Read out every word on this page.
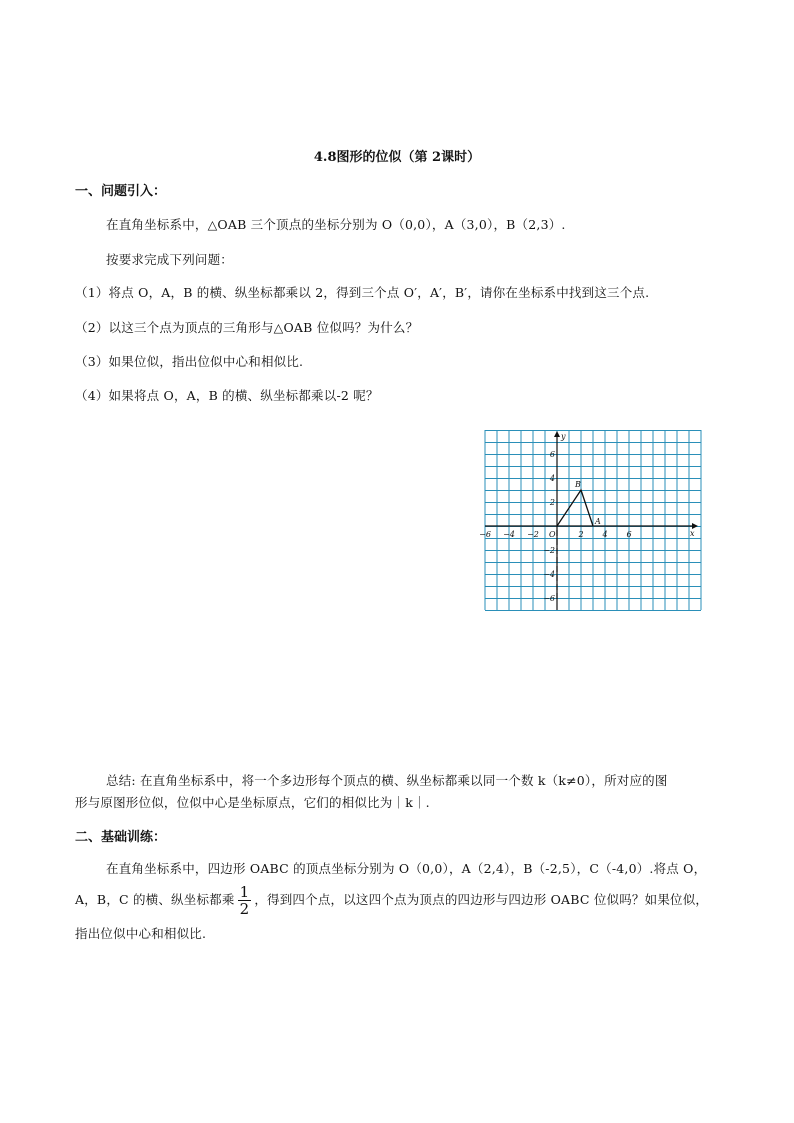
4.8图形的位似（第 2课时）
一、问题引入：
在直角坐标系中，△OAB 三个顶点的坐标分别为 O（0,0），A（3,0），B（2,3）.
按要求完成下列问题：
（1）将点 O，A，B 的横、纵坐标都乘以 2，得到三个点 O′，A′，B′，请你在坐标系中找到这三个点.
（2）以这三个点为顶点的三角形与△OAB 位似吗？为什么？
（3）如果位似，指出位似中心和相似比.
（4）如果将点 O，A，B 的横、纵坐标都乘以-2 呢？
−6 −4 −2	2 4 6
6
4
2
−2
−4
−6
O	x
y
B
A
总结: 在直角坐标系中，将一个多边形每个顶点的横、纵坐标都乘以同一个数 k（k≠0），所对应的图
形与原图形位似，位似中心是坐标原点，它们的相似比为｜k｜.
二、基础训练：
在直角坐标系中，四边形 OABC 的顶点坐标分别为 O（0,0），A（2,4），B（-2,5），C（-4,0）.将点 O，
A，B，C 的横、纵坐标都乘 $\frac{1}{2}$ ，得到四个点，以这四个点为顶点的四边形与四边形 OABC 位似吗？如果位似，
指出位似中心和相似比.
